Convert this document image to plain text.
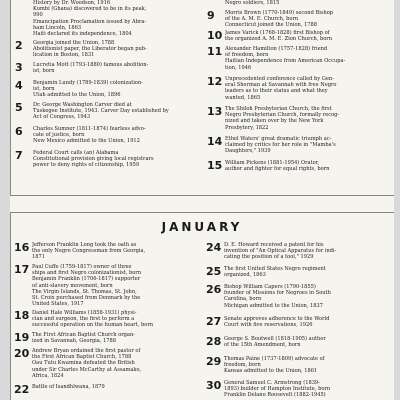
History by Dr. Woodson, 1916
Kumbi (Ghana) discovered to be in its peak,
990
Emancipation Proclamation issued by Abra-
ham Lincoln, 1863
Haiti declared its independence, 1804
2	Georgia joined the Union, 1788
Abolitionist paper, the Liberator began pub-
lication in Boston, 1831
3	Lucretia Mott (1793-1880) famous abolition-
ist, born
4	Benjamin Lundy (1789-1839) colonization-
ist, born
Utah admitted to the Union, 1896
5	Dr. George Washington Carver died at
Tuskegee Institute, 1943. Carver Day established by
Act of Congress, 1943
6	Charles Sumner (1811-1874) fearless advo-
cate of justice, born
New Mexico admitted to the Union, 1912
7	Federal Court calls (an) Alabama
Constitutional provision giving local registrars
power to deny rights of citizenship, 1959
Negro soldiers, 1815
9	Morris Brown (1770-1849) second Bishop
of the A. M. E. Church, born
Connecticut joined the Union, 1788
10 James Varick (1768-1828) first Bishop of
the organized A. M. E. Zion Church, born
11 Alexander Hamilton (1757-1828) friend
of freedom, born
Haitian Independence from American Occupa-
tion, 1946
12 Unprecedented conference called by Gen-
eral Sherman at Savannah with free Negro
leaders as to their status and what they
wanted, 1865
13 The Shiloh Presbyterian Church, the first
Negro Presbyterian Church, formally recog-
nized and taken over by the New York
Presbytery, 1822
14 Ethel Waters' great dramatic triumph ac-
claimed by critics for her role in "Mamba's
Daughters," 1939
15 William Pickens (1881-1954) Orator,
author and fighter for equal rights, born
JANUARY
16 Jefferson Franklin Long took the oath as
the only Negro Congressman from Georgia,
1871
17 Paul Cuffe (1759-1817) owner of three
ships and first Negro colonizationist, born
Benjamin Franklin (1706-1817) supporter
of anti-slavery movement, born
The Virgin Islands, St. Thomas, St. John,
St. Croix purchased from Denmark by the
United States, 1917
18 Daniel Hale Williams (1858-1931) physi-
cian and surgeon, the first to perform a
successful operation on the human heart, born
19 The First African Baptist Church organ-
ized in Savannah, Georgia, 1788
20 Andrew Bryan ordained the first pastor of
the First African Baptist Church, 1788
Oau Tutu Kwamina defeated the British
under Sir Charles McCarthy at Assamako,
Africa, 1824
22 Battle of Isandhlwana, 1879
24 D. E. Howard received a patent for his
invention of "An Optical Apparatus for indi-
cating the position of a tool," 1929
25 The first United States Negro regiment
organized, 1863
26 Bishop William Capers (1790-1855)
founder of Missions for Negroes in South
Carolina, born
Michigan admitted to the Union, 1837
27 Senate approves adherence to the World
Court with five reservations, 1926
28 George S. Boutwell (1818-1905) author
of the 15th Amendment, born
29 Thomas Paine (1737-1809) advocate of
freedom, born
Kansas admitted to the Union, 1861
30 General Samuel C. Armstrong (1839-
1893) builder of Hampton Institute, born
Franklin Delano Roosevelt (1882-1945)
